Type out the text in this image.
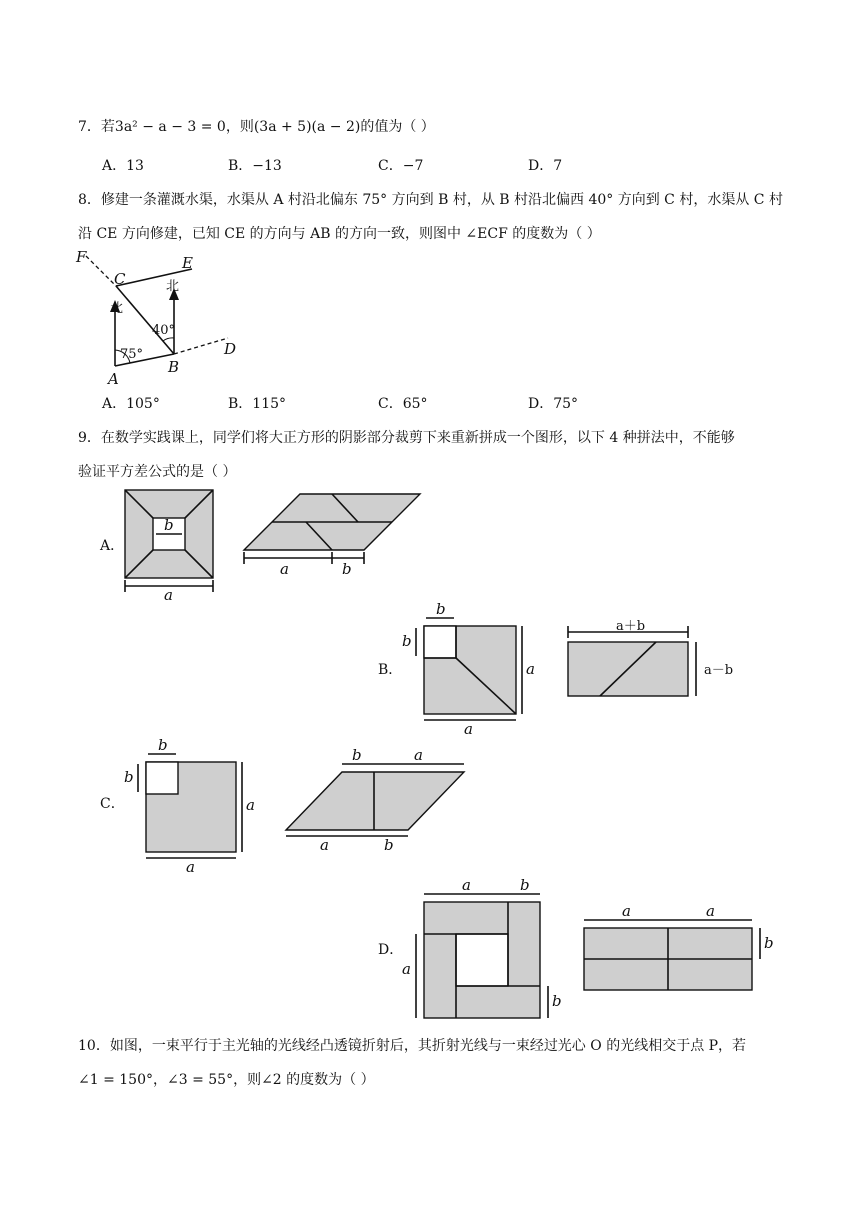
7．若3a² − a − 3 = 0，则(3a + 5)(a − 2)的值为（ ）
A．13	B．−13	C．−7	D．7
8．修建一条灌溉水渠，水渠从 A 村沿北偏东 75° 方向到 B 村，从 B 村沿北偏西 40° 方向到 C 村，水渠从 C 村
沿 CE 方向修建，已知 CE 的方向与 AB 的方向一致，则图中 ∠ECF 的度数为（ ）
F
C
E
A
B
D
北
北
75°
40°
A．105°	B．115°	C．65°	D．75°
9．在数学实践课上，同学们将大正方形的阴影部分裁剪下来重新拼成一个图形，以下 4 种拼法中，不能够
验证平方差公式的是（ ）
A．
b
a
a	b
B．
b
b
a
a
a＋b
a－b
C．
b
b
a
a
b	a
a	b
D．
a	b
a
b
a	a
b
10．如图，一束平行于主光轴的光线经凸透镜折射后，其折射光线与一束经过光心 O 的光线相交于点 P，若
∠1 = 150°，∠3 = 55°，则∠2 的度数为（ ）
